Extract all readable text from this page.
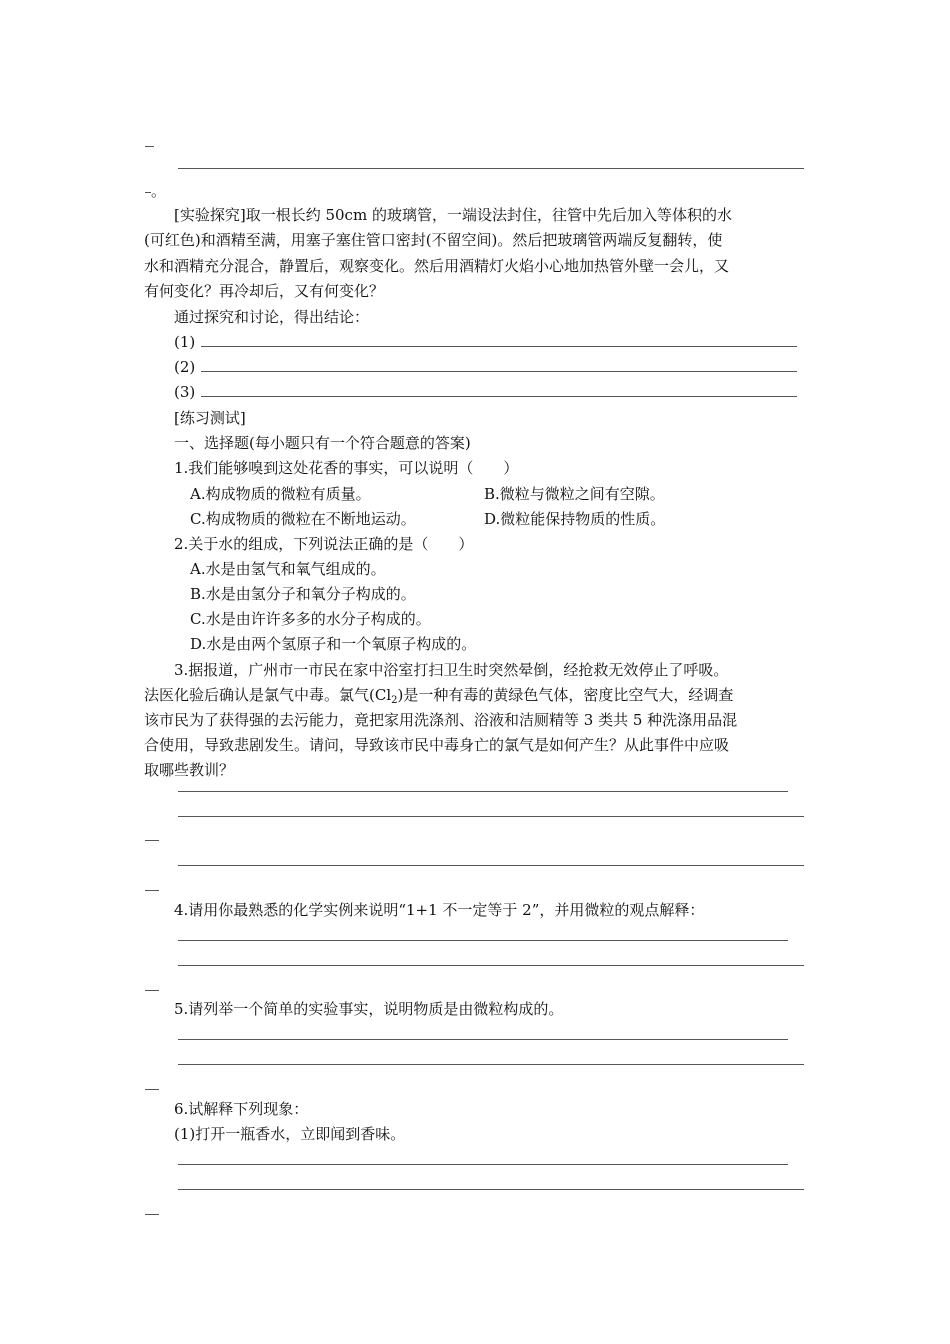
。
[实验探究]取一根长约 50cm 的玻璃管，一端设法封住，往管中先后加入等体积的水
(可红色)和酒精至满，用塞子塞住管口密封(不留空间)。然后把玻璃管两端反复翻转，使
水和酒精充分混合，静置后，观察变化。然后用酒精灯火焰小心地加热管外壁一会儿，又
有何变化？再冷却后，又有何变化？
通过探究和讨论，得出结论：
(1)
(2)
(3)
[练习测试]
一、选择题(每小题只有一个符合题意的答案)
1.我们能够嗅到这处花香的事实，可以说明（　　）
A.构成物质的微粒有质量。	B.微粒与微粒之间有空隙。
C.构成物质的微粒在不断地运动。	D.微粒能保持物质的性质。
2.关于水的组成，下列说法正确的是（　　）
A.水是由氢气和氧气组成的。
B.水是由氢分子和氧分子构成的。
C.水是由许许多多的水分子构成的。
D.水是由两个氢原子和一个氧原子构成的。
3.据报道，广州市一市民在家中浴室打扫卫生时突然晕倒，经抢救无效停止了呼吸。
法医化验后确认是氯气中毒。氯气$(Cl_2)$是一种有毒的黄绿色气体，密度比空气大，经调查
该市民为了获得强的去污能力，竟把家用洗涤剂、浴液和洁厕精等 3 类共 5 种洗涤用品混
合使用，导致悲剧发生。请问，导致该市民中毒身亡的氯气是如何产生？从此事件中应吸
取哪些教训？
4.请用你最熟悉的化学实例来说明“1+1 不一定等于 2”，并用微粒的观点解释：
5.请列举一个简单的实验事实，说明物质是由微粒构成的。
6.试解释下列现象：
(1)打开一瓶香水，立即闻到香味。
